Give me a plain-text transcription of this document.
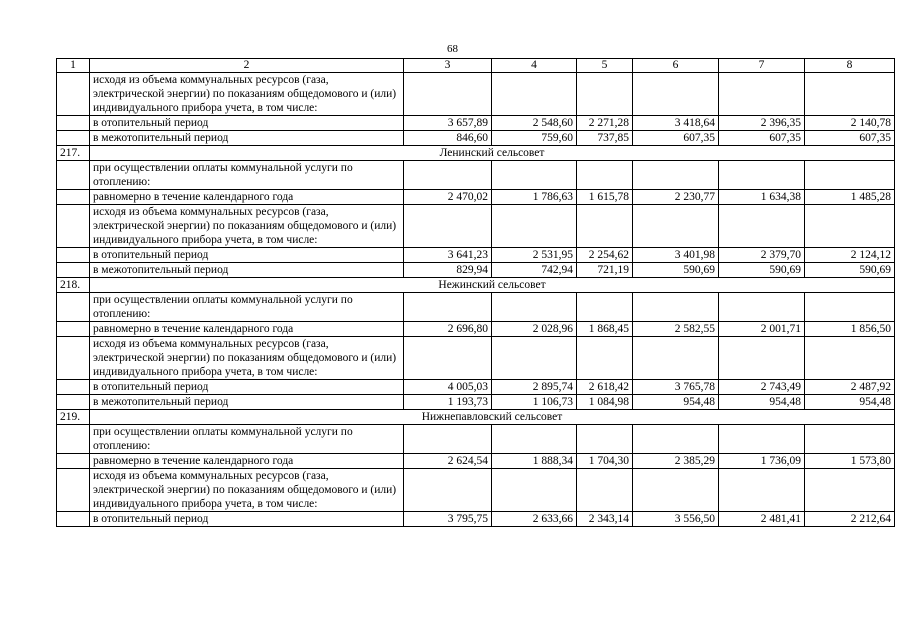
68
1	2	3	4	5	6	7	8
	исходя из объема коммунальных ресурсов (газа, электрической энергии) по показаниям общедомового и (или) индивидуального прибора учета, в том числе:						
	в отопительный период	3 657,89	2 548,60	2 271,28	3 418,64	2 396,35	2 140,78
	в межотопительный период	846,60	759,60	737,85	607,35	607,35	607,35
217.	Ленинский сельсовет						
	при осуществлении оплаты коммунальной услуги по отоплению:						
	равномерно в течение календарного года	2 470,02	1 786,63	1 615,78	2 230,77	1 634,38	1 485,28
	исходя из объема коммунальных ресурсов (газа, электрической энергии) по показаниям общедомового и (или) индивидуального прибора учета, в том числе:						
	в отопительный период	3 641,23	2 531,95	2 254,62	3 401,98	2 379,70	2 124,12
	в межотопительный период	829,94	742,94	721,19	590,69	590,69	590,69
218.	Нежинский сельсовет						
	при осуществлении оплаты коммунальной услуги по отоплению:						
	равномерно в течение календарного года	2 696,80	2 028,96	1 868,45	2 582,55	2 001,71	1 856,50
	исходя из объема коммунальных ресурсов (газа, электрической энергии) по показаниям общедомового и (или) индивидуального прибора учета, в том числе:						
	в отопительный период	4 005,03	2 895,74	2 618,42	3 765,78	2 743,49	2 487,92
	в межотопительный период	1 193,73	1 106,73	1 084,98	954,48	954,48	954,48
219.	Нижнепавловский сельсовет						
	при осуществлении оплаты коммунальной услуги по отоплению:						
	равномерно в течение календарного года	2 624,54	1 888,34	1 704,30	2 385,29	1 736,09	1 573,80
	исходя из объема коммунальных ресурсов (газа, электрической энергии) по показаниям общедомового и (или) индивидуального прибора учета, в том числе:						
	в отопительный период	3 795,75	2 633,66	2 343,14	3 556,50	2 481,41	2 212,64
